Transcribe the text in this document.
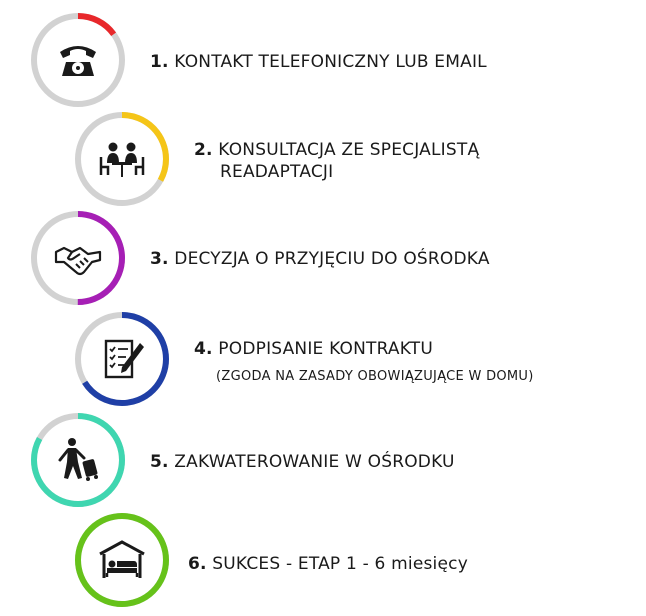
1. KONTAKT TELEFONICZNY LUB EMAIL
2. KONSULTACJA ZE SPECJALISTĄ
READAPTACJI
3. DECYZJA O PRZYJĘCIU DO OŚRODKA
4. PODPISANIE KONTRAKTU
(ZGODA NA ZASADY OBOWIĄZUJĄCE W DOMU)
5. ZAKWATEROWANIE W OŚRODKU
6. SUKCES - ETAP 1 - 6 miesięcy
